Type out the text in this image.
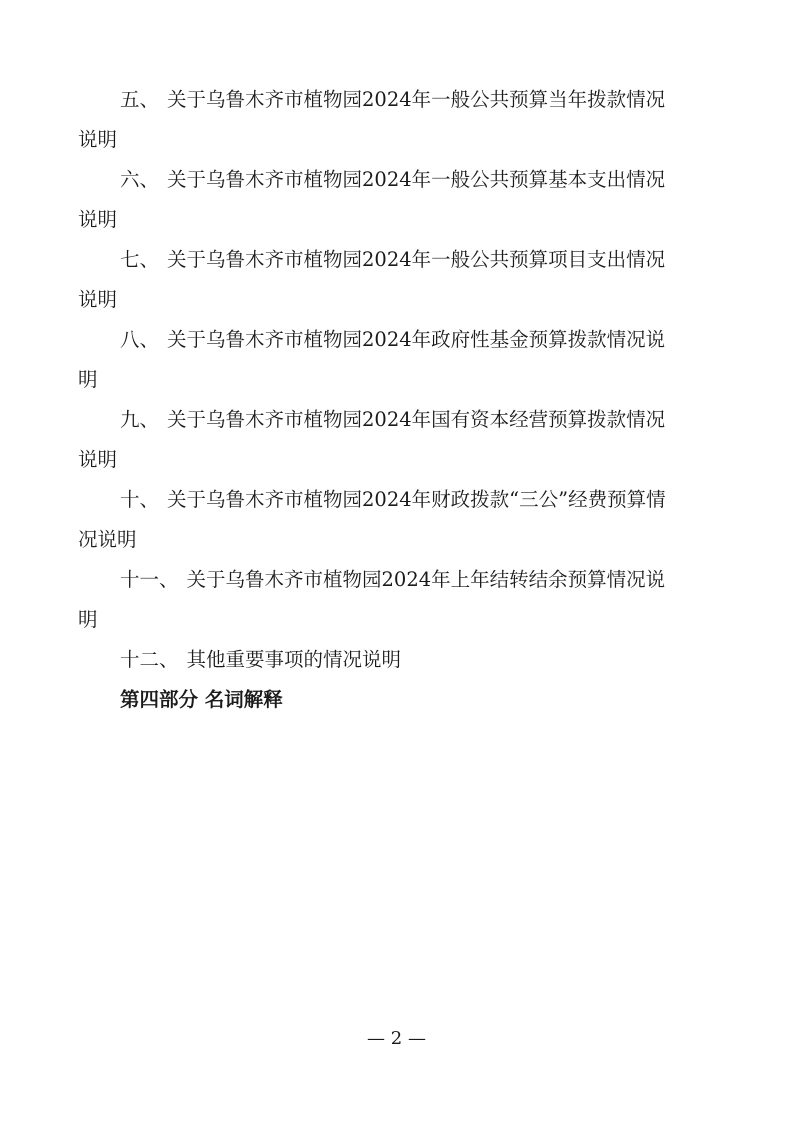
五、 关于乌鲁木齐市植物园2024年一般公共预算当年拨款情况
说明
六、 关于乌鲁木齐市植物园2024年一般公共预算基本支出情况
说明
七、 关于乌鲁木齐市植物园2024年一般公共预算项目支出情况
说明
八、 关于乌鲁木齐市植物园2024年政府性基金预算拨款情况说
明
九、 关于乌鲁木齐市植物园2024年国有资本经营预算拨款情况
说明
十、 关于乌鲁木齐市植物园2024年财政拨款“三公”经费预算情
况说明
十一、 关于乌鲁木齐市植物园2024年上年结转结余预算情况说
明
十二、 其他重要事项的情况说明
第四部分 名词解释
— 2 —
